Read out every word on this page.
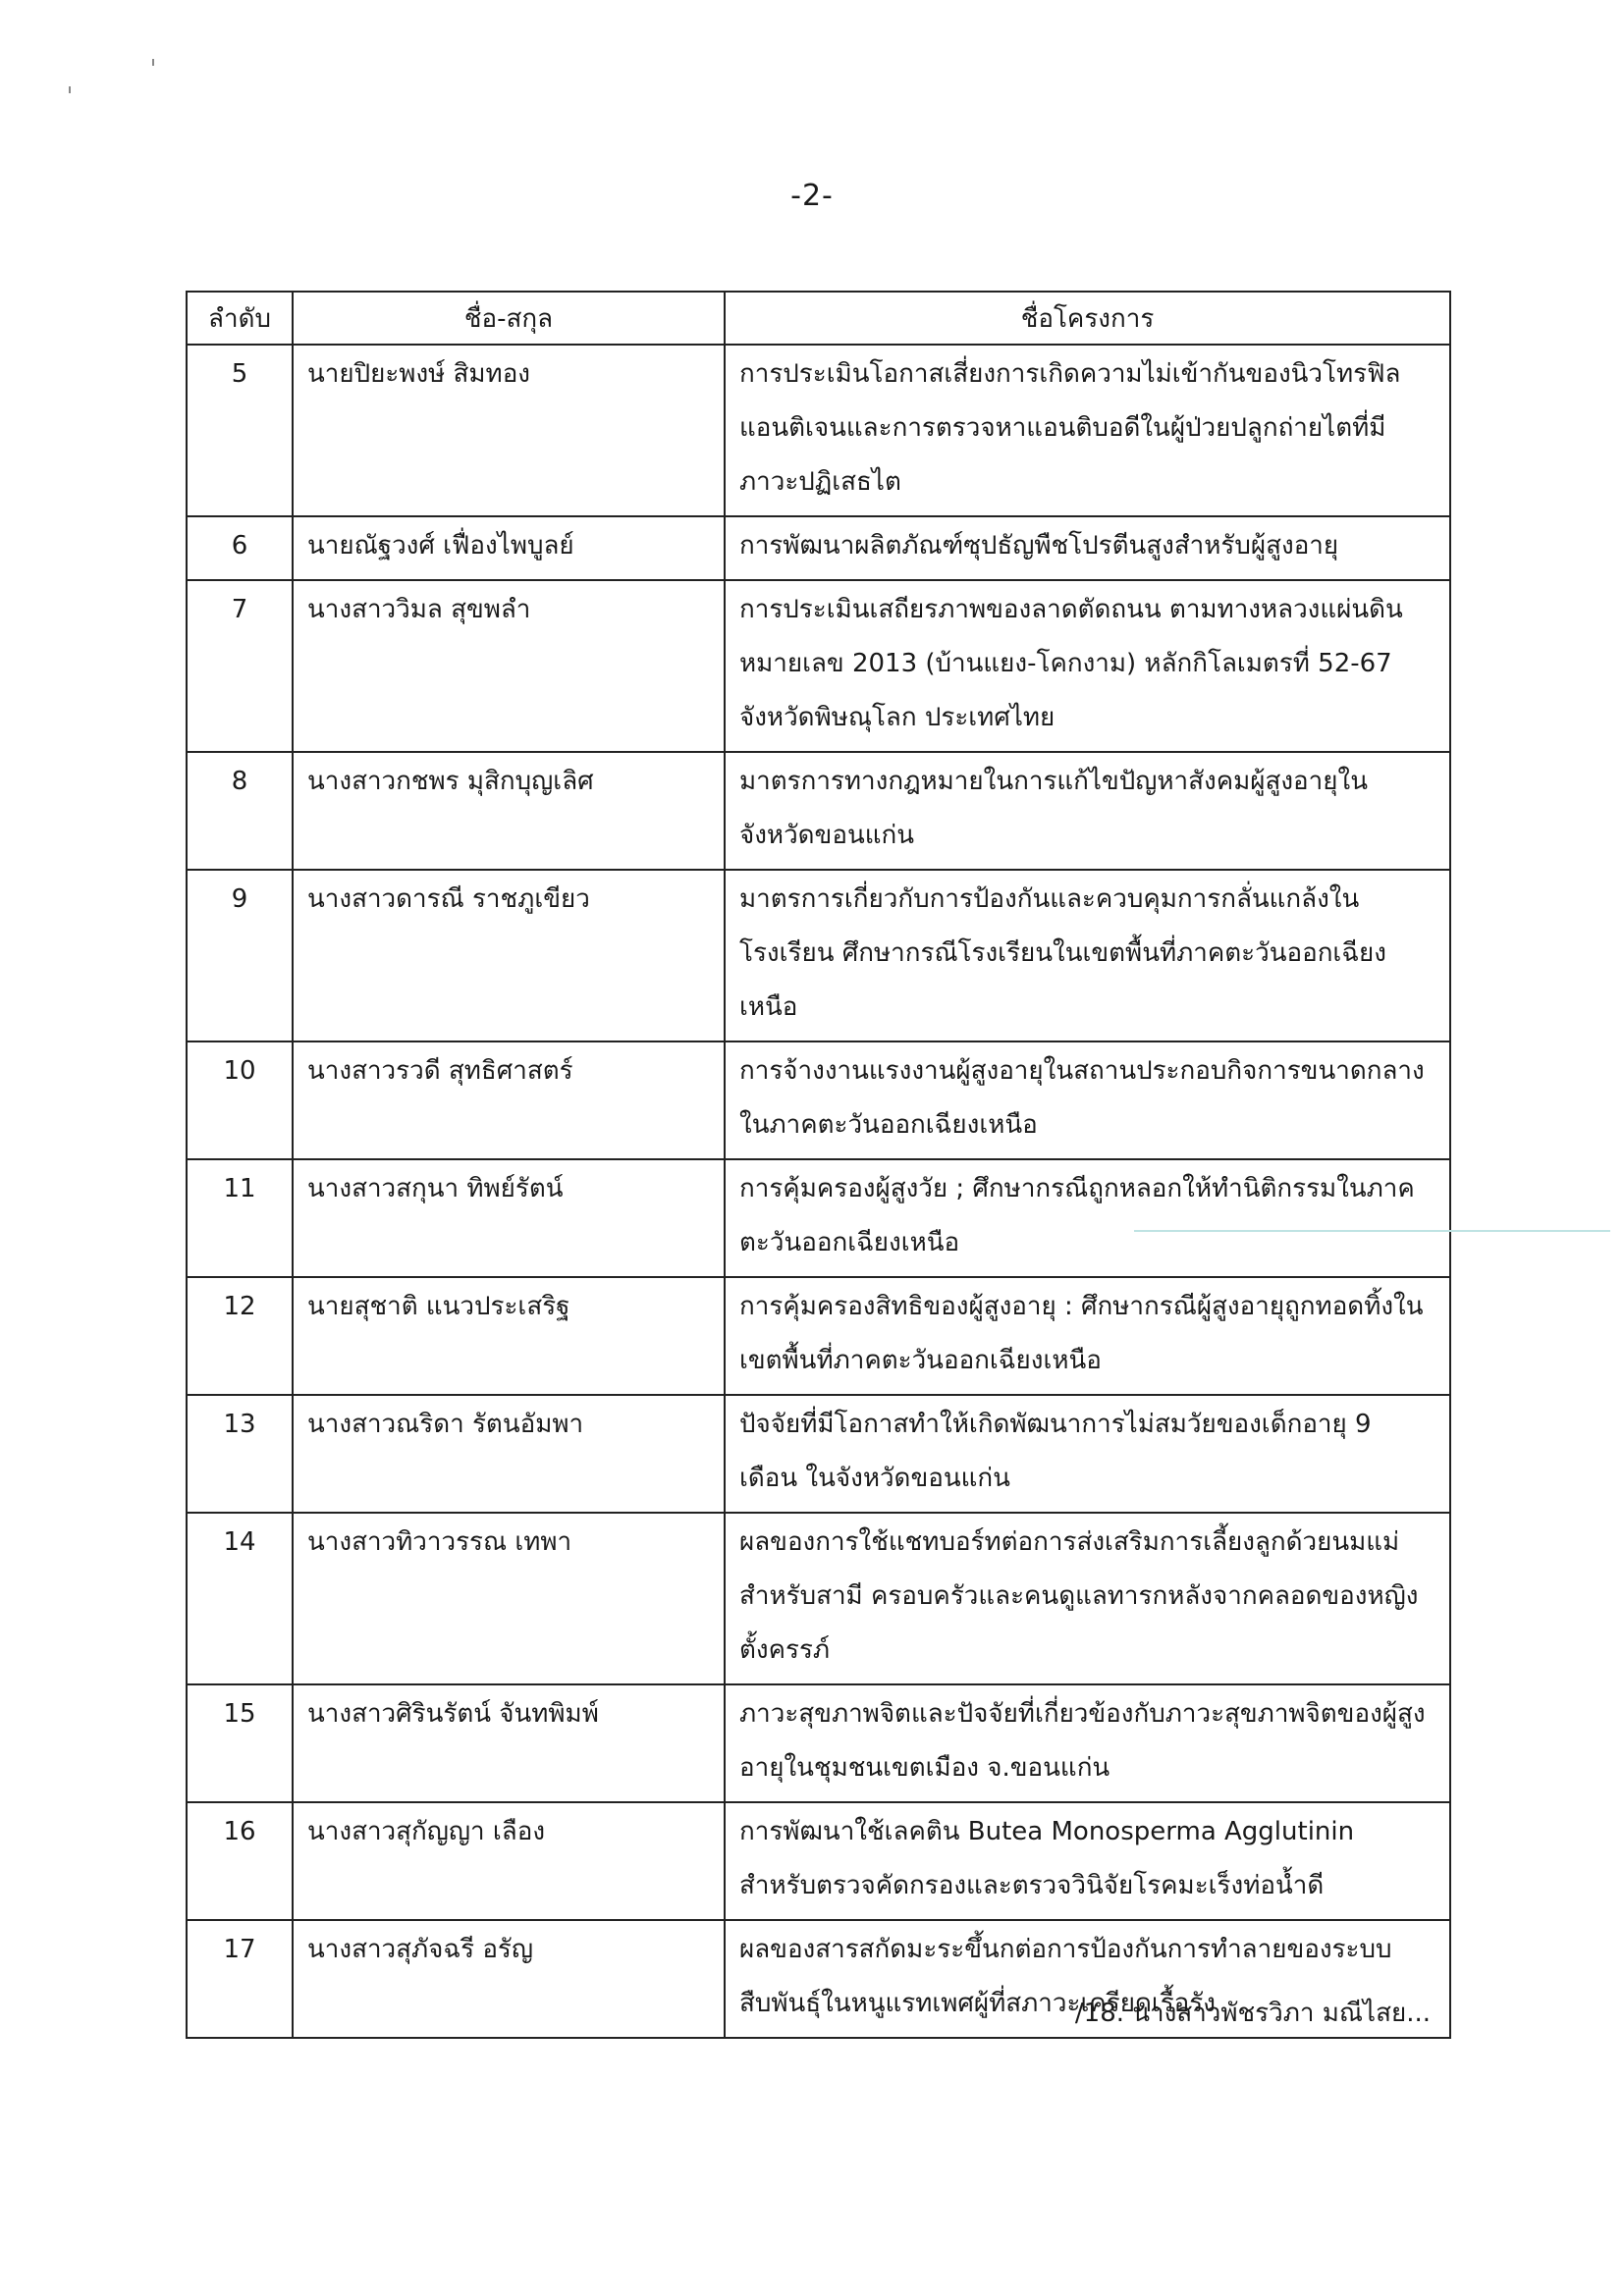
-2-
ลำดับ	ชื่อ-สกุล	ชื่อโครงการ
5	นายปิยะพงษ์ สิมทอง	การประเมินโอกาสเสี่ยงการเกิดความไม่เข้ากันของนิวโทรฟิลแอนติเจนและการตรวจหาแอนติบอดีในผู้ป่วยปลูกถ่ายไตที่มีภาวะปฏิเสธไต
6	นายณัฐวงศ์ เฟื่องไพบูลย์	การพัฒนาผลิตภัณฑ์ซุปธัญพืชโปรตีนสูงสำหรับผู้สูงอายุ
7	นางสาววิมล สุขพลำ	การประเมินเสถียรภาพของลาดตัดถนน ตามทางหลวงแผ่นดิน หมายเลข 2013 (บ้านแยง-โคกงาม) หลักกิโลเมตรที่ 52-67 จังหวัดพิษณุโลก ประเทศไทย
8	นางสาวกชพร มุสิกบุญเลิศ	มาตรการทางกฎหมายในการแก้ไขปัญหาสังคมผู้สูงอายุในจังหวัดขอนแก่น
9	นางสาวดารณี ราชภูเขียว	มาตรการเกี่ยวกับการป้องกันและควบคุมการกลั่นแกล้งในโรงเรียน ศึกษากรณีโรงเรียนในเขตพื้นที่ภาคตะวันออกเฉียงเหนือ
10	นางสาวรวดี สุทธิศาสตร์	การจ้างงานแรงงานผู้สูงอายุในสถานประกอบกิจการขนาดกลางในภาคตะวันออกเฉียงเหนือ
11	นางสาวสกุนา ทิพย์รัตน์	การคุ้มครองผู้สูงวัย ; ศึกษากรณีถูกหลอกให้ทำนิติกรรมในภาคตะวันออกเฉียงเหนือ
12	นายสุชาติ แนวประเสริฐ	การคุ้มครองสิทธิของผู้สูงอายุ : ศึกษากรณีผู้สูงอายุถูกทอดทิ้งในเขตพื้นที่ภาคตะวันออกเฉียงเหนือ
13	นางสาวณริดา รัตนอัมพา	ปัจจัยที่มีโอกาสทำให้เกิดพัฒนาการไม่สมวัยของเด็กอายุ 9 เดือน ในจังหวัดขอนแก่น
14	นางสาวทิวาวรรณ เทพา	ผลของการใช้แชทบอร์ทต่อการส่งเสริมการเลี้ยงลูกด้วยนมแม่ สำหรับสามี ครอบครัวและคนดูแลทารกหลังจากคลอดของหญิงตั้งครรภ์
15	นางสาวศิรินรัตน์ จันทพิมพ์	ภาวะสุขภาพจิตและปัจจัยที่เกี่ยวข้องกับภาวะสุขภาพจิตของผู้สูงอายุในชุมชนเขตเมือง จ.ขอนแก่น
16	นางสาวสุกัญญา เลือง	การพัฒนาใช้เลคติน Butea Monosperma Agglutinin สำหรับตรวจคัดกรองและตรวจวินิจัยโรคมะเร็งท่อน้ำดี
17	นางสาวสุภัจฉรี อรัญ	ผลของสารสกัดมะระขึ้นกต่อการป้องกันการทำลายของระบบสืบพันธุ์ในหนูแรทเพศผู้ที่สภาวะเครียดเรื้อรัง
/18. นางสาวพัชรวิภา มณีไสย...
